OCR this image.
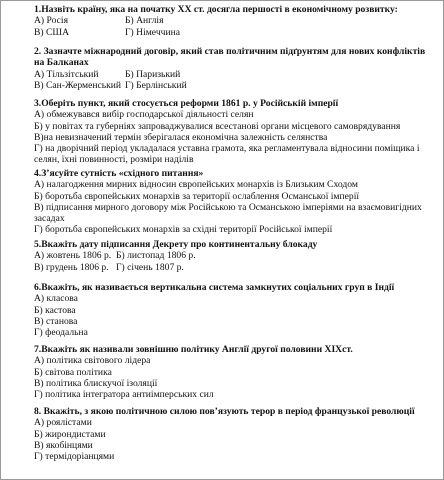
1.Назвіть країну, яка на початку ХХ ст. досягла першості в економічному розвитку:

А) Росія	Б) Англія
В) США	Г) Німеччина

2. Зазначте міжнародний договір, який став політичним підґрунтям для нових конфліктів на Балканах

А) Тільзітський	Б) Паризький
В) Сан-Жерменський Г) Берлінський

3.Оберіть пункт, який стосується реформи 1861 р. у Російській імперії

А) обмежувався вибір господарської діяльності селян
Б) у повітах та губерніях запроваджувалися всестанові органи місцевого самоврядування
В)на невизначений термін зберігалася економічна залежність селянства
Г) на дворічний період укладалася уставна грамота, яка регламентувала відносини поміщика і селян, їхні повинності, розміри наділів

4.З’ясуйте сутність «східного питання»

А) налагодження мирних відносин європейських монархів із Близьким Сходом
Б) боротьба європейських монархів за території ослаблення Османської імперії
В) підписання мирного договору між Російською та Османською імперіями на взаємовигідних засадах
Г) боротьба європейських монархів за східні території Російської імперії

5.Вкажіть дату підписання Декрету про континентальну блокаду

А) жовтень 1806 р. Б) листопад 1806 р.
В) грудень 1806 р. Г) січень 1807 р.

6.Вкажіть, як називається вертикальна система замкнутих соціальних груп в Індії

А) класова
Б) кастова
В) станова
Г) феодальна

7.Вкажіть як називали зовнішню політику Англії другої половини ХІХст.

А) політика світового лідера
Б) світова політика
В) політика блискучої ізоляції
Г) політика інтегратора антиімперських сил

8. Вкажіть, з якою політичною силою пов’язують терор в період французької революції

А) роялістами
Б) жирондистами
В) якобінцями
Г) термідоріанцями
